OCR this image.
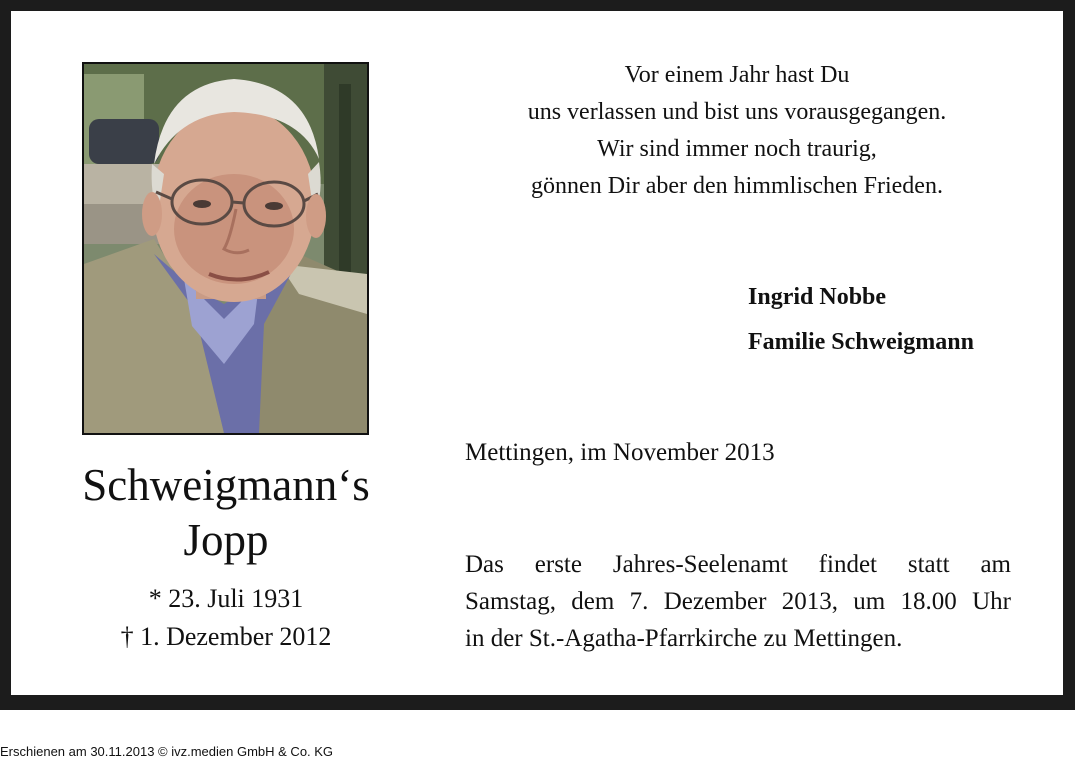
Schweigmann‘s
Jopp
* 23. Juli 1931
† 1. Dezember 2012
Vor einem Jahr hast Du
uns verlassen und bist uns vorausgegangen.
Wir sind immer noch traurig,
gönnen Dir aber den himmlischen Frieden.
Ingrid Nobbe
Familie Schweigmann
Mettingen, im November 2013
Das erste Jahres-Seelenamt findet statt am
Samstag, dem 7. Dezember 2013, um 18.00 Uhr
in der St.-Agatha-Pfarrkirche zu Mettingen.
Erschienen am 30.11.2013 © ivz.medien GmbH & Co. KG
